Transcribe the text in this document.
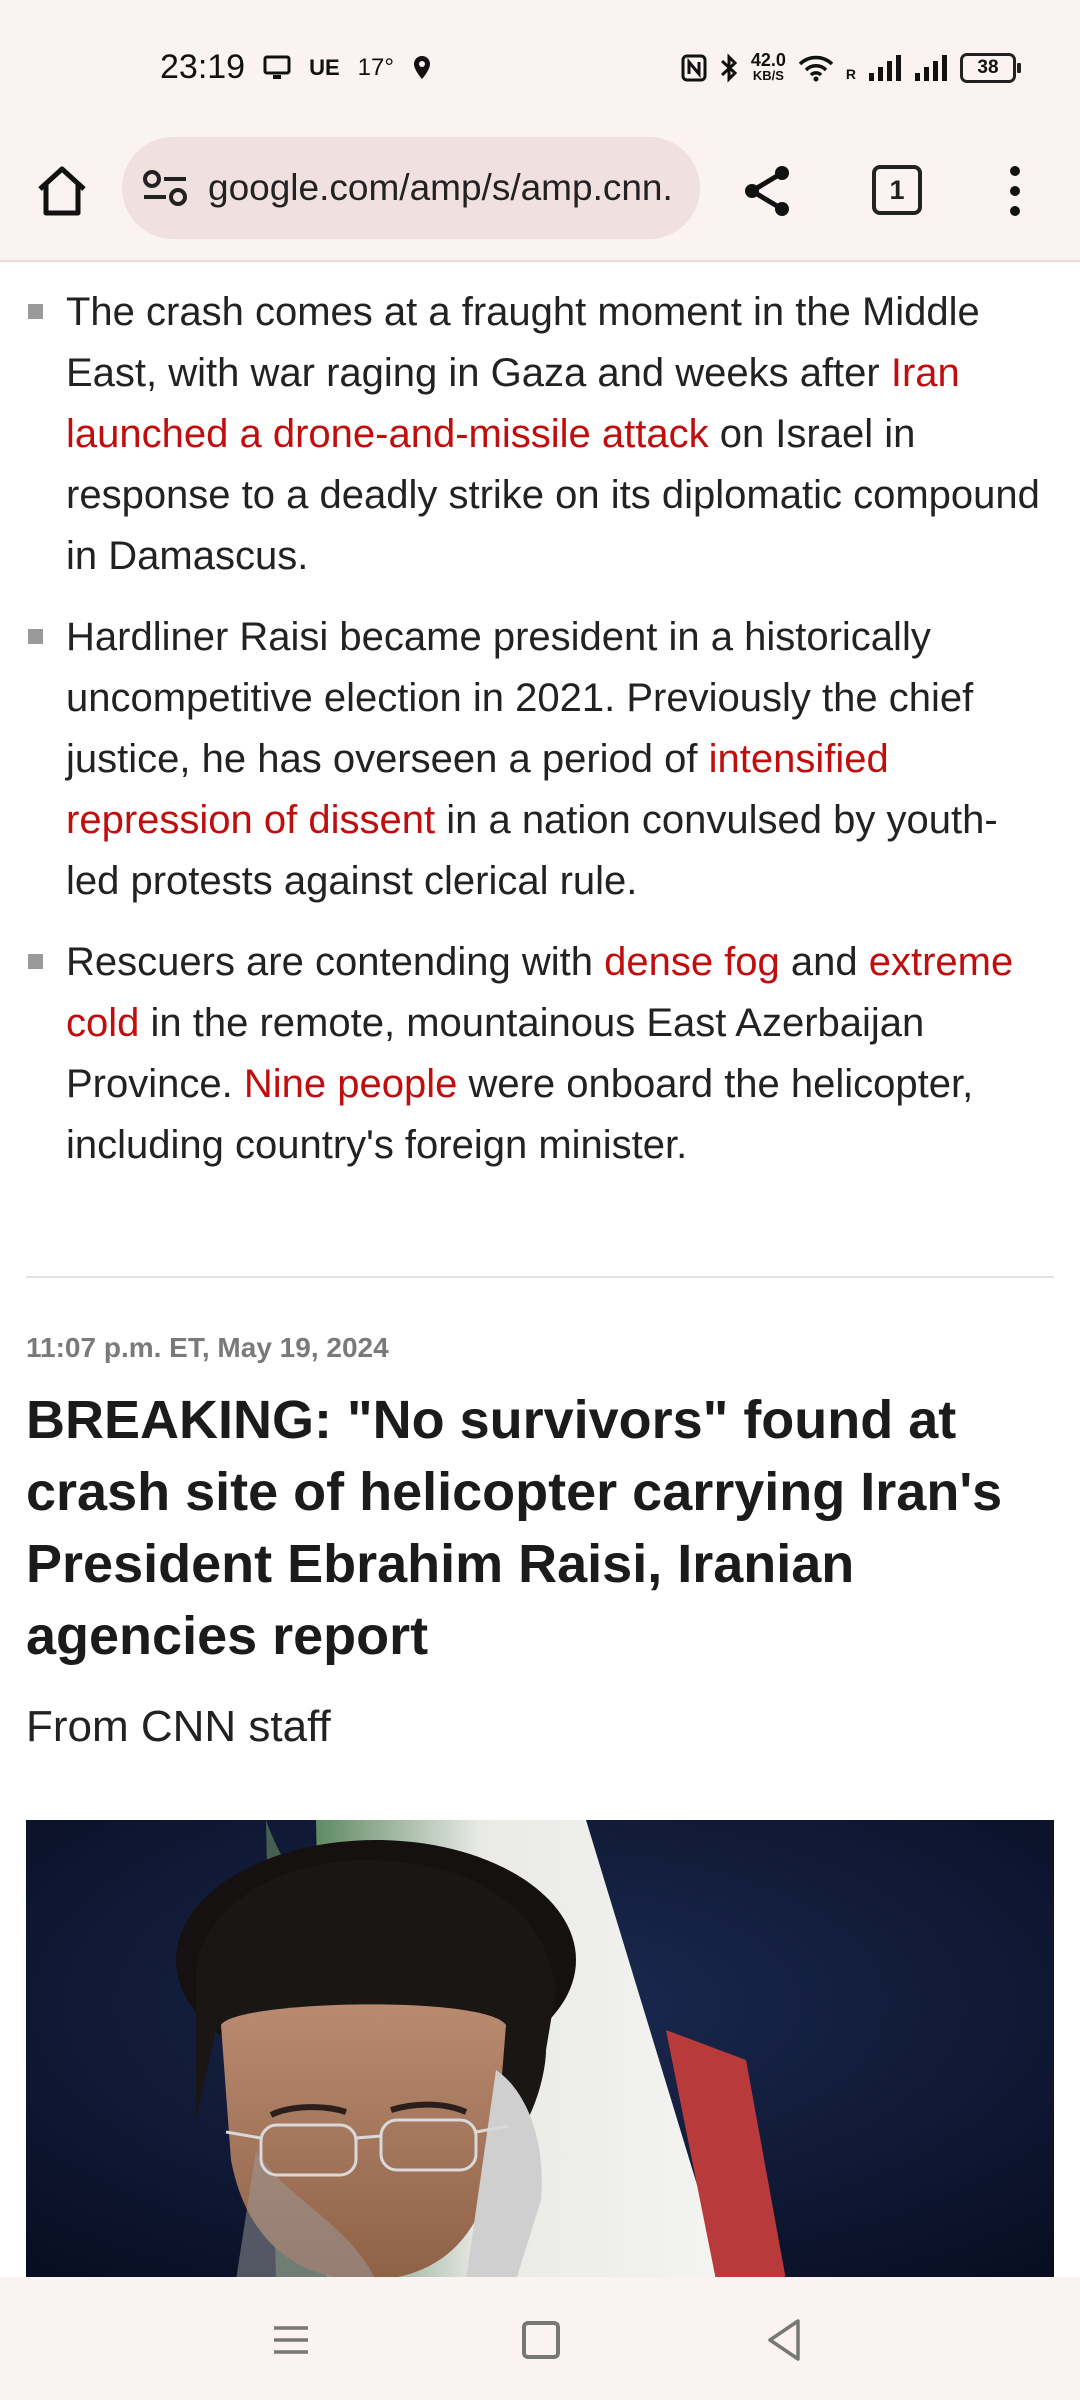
23:19	UE 17°	42.0
KB/S	R	38
google.com/amp/s/amp.cnn.	1
The crash comes at a fraught moment in the Middle East, with war raging in Gaza and weeks after Iran launched a drone-and-missile attack on Israel in response to a deadly strike on its diplomatic compound in Damascus.
Hardliner Raisi became president in a historically uncompetitive election in 2021. Previously the chief justice, he has overseen a period of intensified repression of dissent in a nation convulsed by youth-led protests against clerical rule.
Rescuers are contending with dense fog and extreme cold in the remote, mountainous East Azerbaijan Province. Nine people were onboard the helicopter, including country's foreign minister.
11:07 p.m. ET, May 19, 2024
BREAKING: "No survivors" found at crash site of helicopter carrying Iran's President Ebrahim Raisi, Iranian agencies report
From CNN staff
